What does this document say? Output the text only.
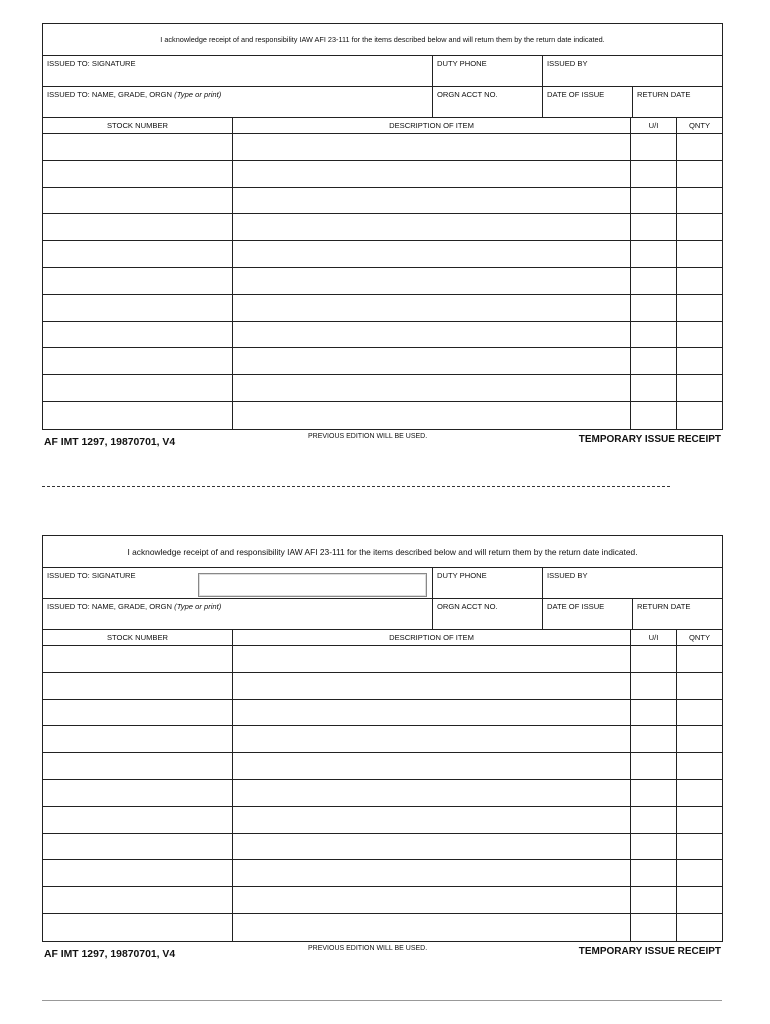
I acknowledge receipt of and responsibility IAW AFI 23-111 for the items described below and will return them by the return date indicated.
ISSUED TO: SIGNATURE	DUTY PHONE	ISSUED BY
ISSUED TO: NAME, GRADE, ORGN (Type or print)	ORGN ACCT NO.	DATE OF ISSUE	RETURN DATE
STOCK NUMBER	DESCRIPTION OF ITEM	U/I	QNTY
AF IMT 1297, 19870701, V4
PREVIOUS EDITION WILL BE USED.	TEMPORARY ISSUE RECEIPT
I acknowledge receipt of and responsibility IAW AFI 23-111 for the items described below and will return them by the return date indicated.
ISSUED TO: SIGNATURE	DUTY PHONE	ISSUED BY
ISSUED TO: NAME, GRADE, ORGN (Type or print)	ORGN ACCT NO.	DATE OF ISSUE	RETURN DATE
STOCK NUMBER	DESCRIPTION OF ITEM	U/I	QNTY
AF IMT 1297, 19870701, V4
PREVIOUS EDITION WILL BE USED.	TEMPORARY ISSUE RECEIPT
